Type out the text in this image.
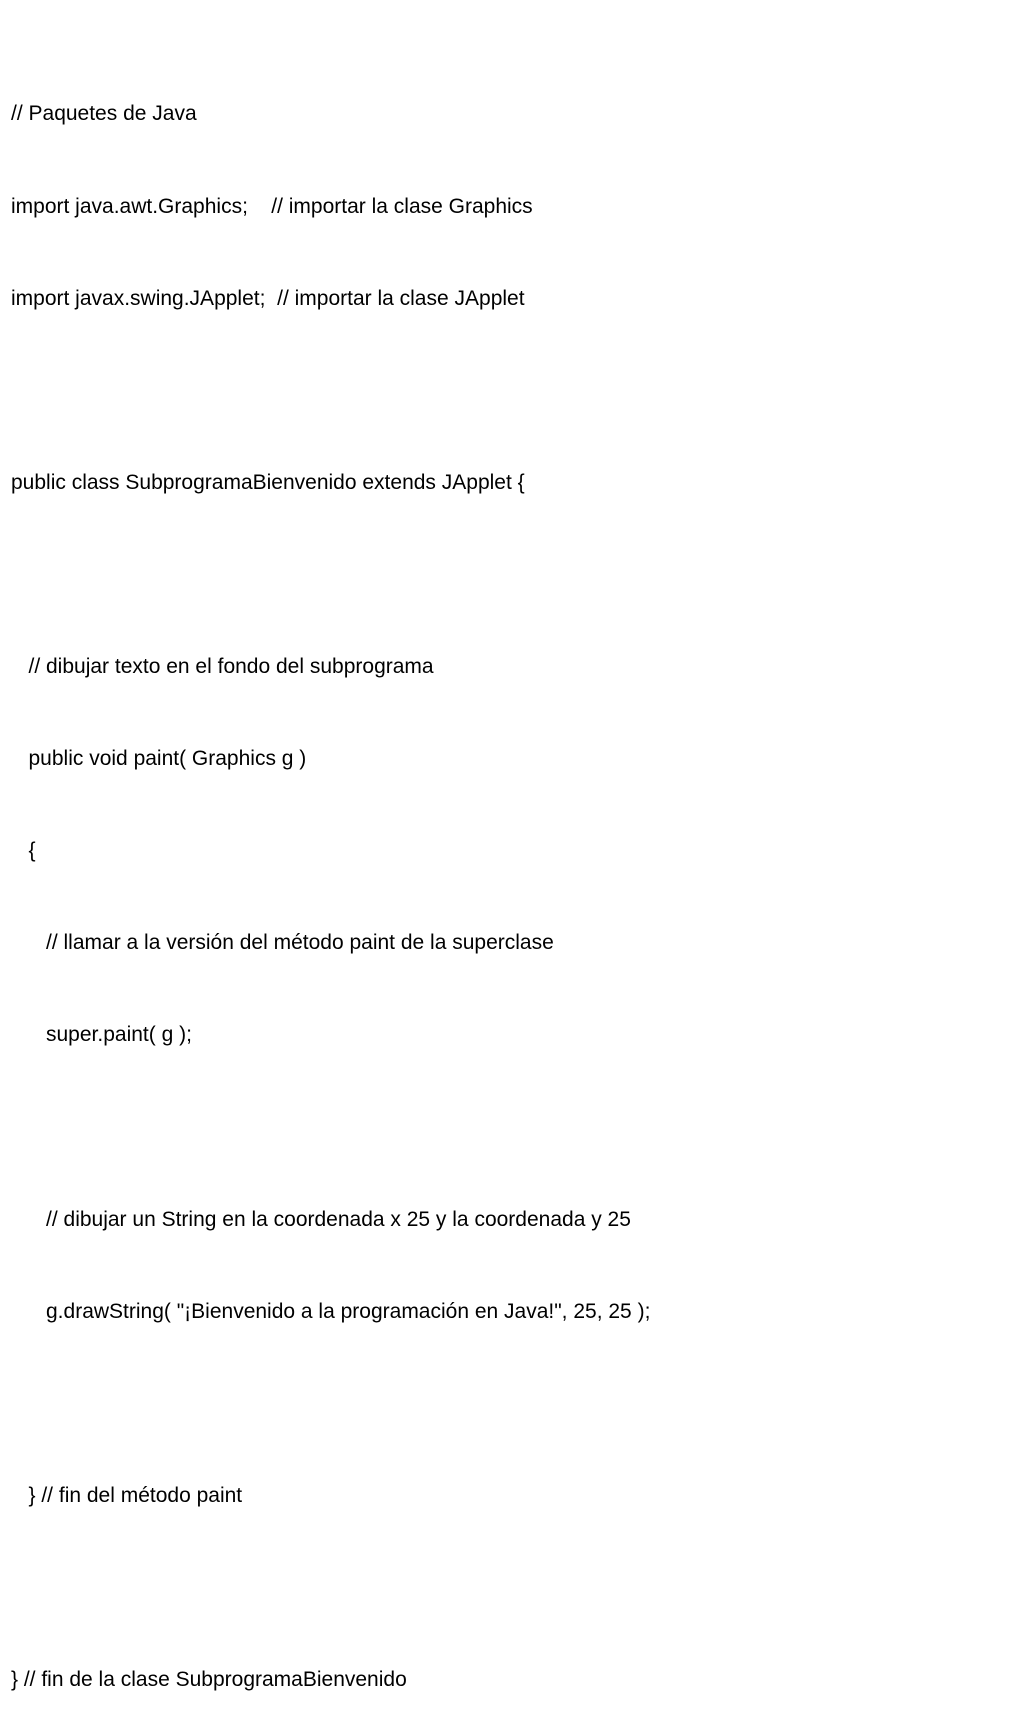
// Paquetes de Java

import java.awt.Graphics;    // importar la clase Graphics

import javax.swing.JApplet;  // importar la clase JApplet

public class SubprogramaBienvenido extends JApplet {

// dibujar texto en el fondo del subprograma

public void paint( Graphics g )

{

// llamar a la versión del método paint de la superclase

super.paint( g );

// dibujar un String en la coordenada x 25 y la coordenada y 25

g.drawString( "¡Bienvenido a la programación en Java!", 25, 25 );

} // fin del método paint

} // fin de la clase SubprogramaBienvenido
